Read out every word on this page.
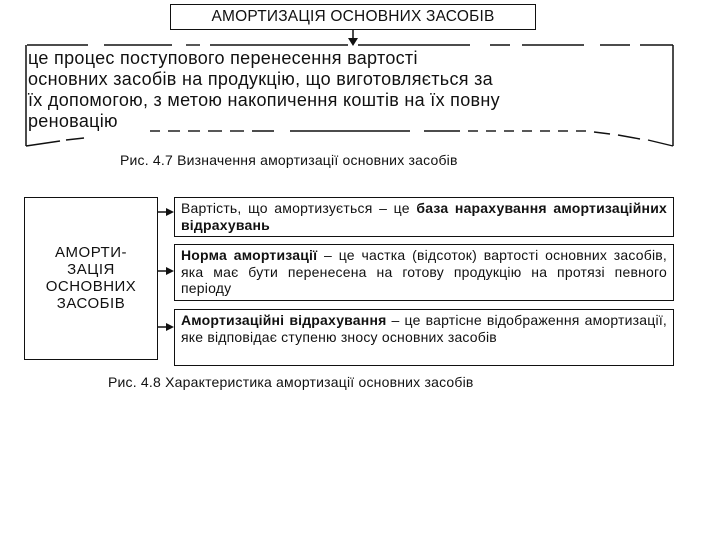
АМОРТИЗАЦІЯ ОСНОВНИХ ЗАСОБІВ
це процес поступового перенесення вартості
основних засобів на продукцію, що виготовляється за
їх допомогою, з метою накопичення коштів на їх повну
реновацію
Рис. 4.7 Визначення амортизації основних засобів
АМОРТИ-
ЗАЦІЯ
ОСНОВНИХ
ЗАСОБІВ
Вартість, що амортизується – це база нарахування амортизаційних відрахувань
Норма амортизації – це частка (відсоток) вартості основних засобів, яка має бути перенесена на готову продукцію на протязі певного періоду
Амортизаційні відрахування – це вартісне відображення амортизації, яке відповідає ступеню зносу основних засобів
Рис. 4.8 Характеристика амортизації основних засобів
